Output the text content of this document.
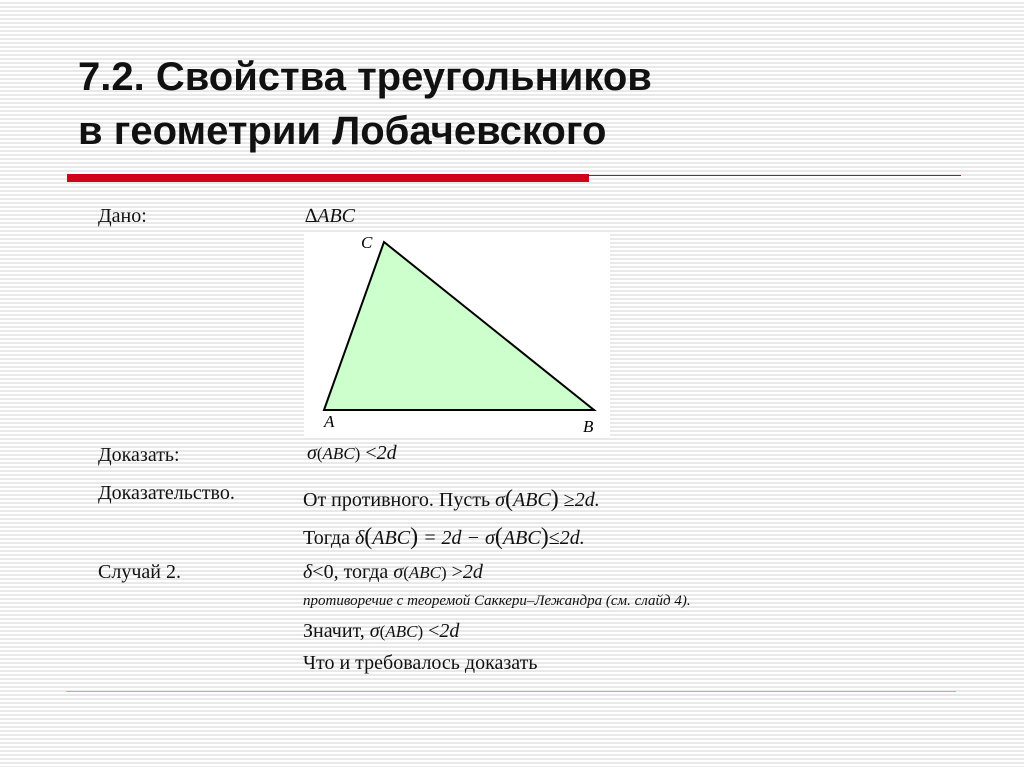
7.2. Свойства треугольников
в геометрии Лобачевского
Дано:	∆ABC
A	B
C
Доказать:	σ(ABC) <2d
Доказательство.	От противного. Пусть σ(ABC) ≥2d.
Тогда δ(ABC) = 2d − σ(ABC)≤2d.
Случай 2.	δ<0, тогда σ(ABC) >2d
противоречие с теоремой Саккери–Лежандра (см. слайд 4).
Значит, σ(ABC) <2d
Что и требовалось доказать
